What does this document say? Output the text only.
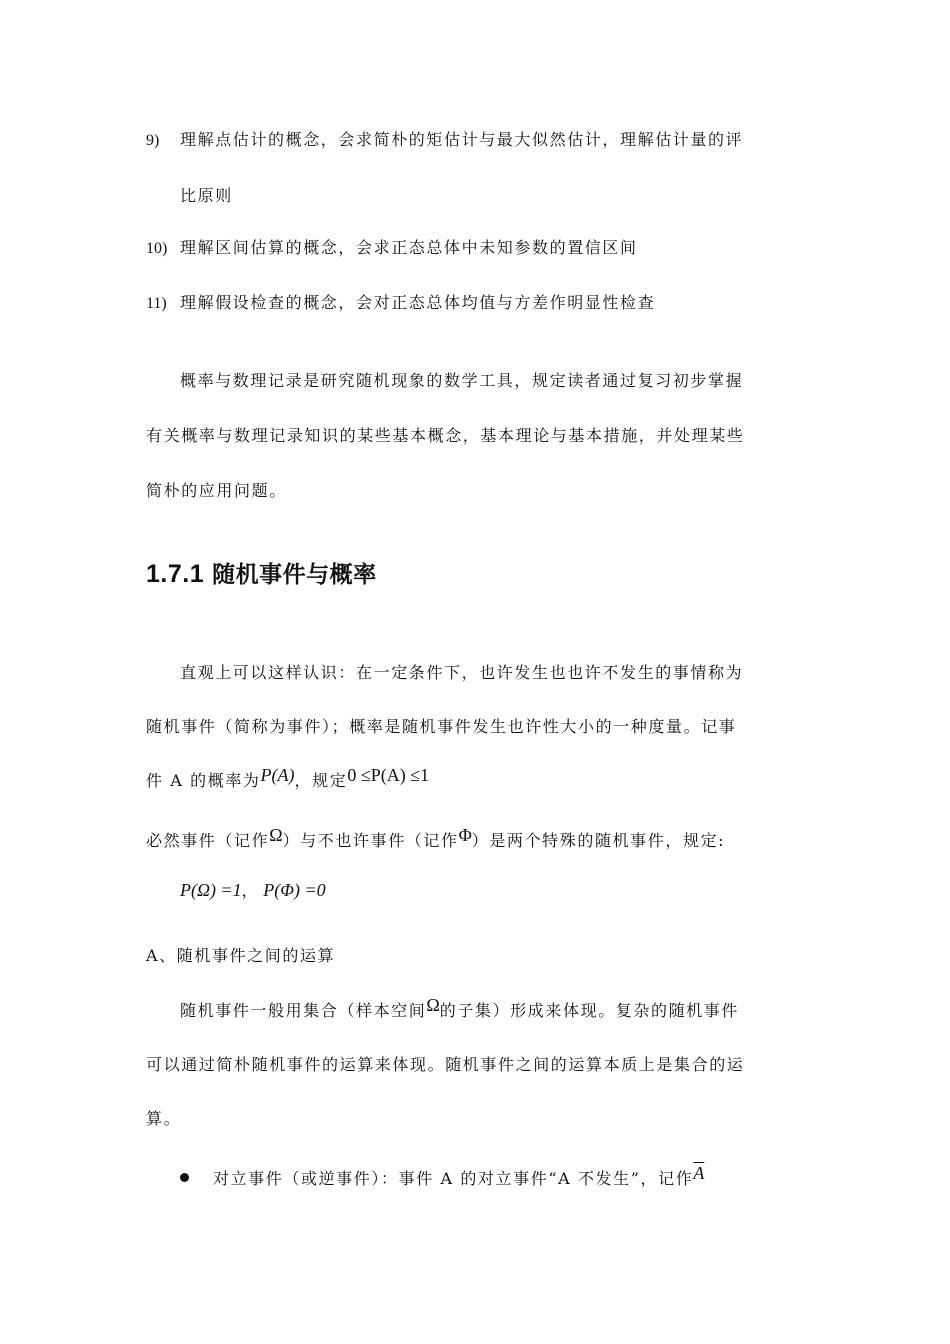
9) 理解点估计的概念，会求简朴的矩估计与最大似然估计，理解估计量的评
比原则
10) 理解区间估算的概念，会求正态总体中未知参数的置信区间
11) 理解假设检查的概念，会对正态总体均值与方差作明显性检查
概率与数理记录是研究随机现象的数学工具，规定读者通过复习初步掌握
有关概率与数理记录知识的某些基本概念，基本理论与基本措施，并处理某些
简朴的应用问题。
1.7.1 随机事件与概率
直观上可以这样认识：在一定条件下，也许发生也也许不发生的事情称为
随机事件（简称为事件）；概率是随机事件发生也许性大小的一种度量。记事
件 A 的概率为P(A)，规定0 ≤P(A) ≤1
必然事件（记作Ω）与不也许事件（记作Φ）是两个特殊的随机事件，规定:
P(Ω) =1， P(Φ) =0
A、随机事件之间的运算
随机事件一般用集合（样本空间Ω的子集）形成来体现。复杂的随机事件
可以通过简朴随机事件的运算来体现。随机事件之间的运算本质上是集合的运
算。
对立事件（或逆事件）：事件 A 的对立事件“A 不发生”，记作$\overline{A}$
